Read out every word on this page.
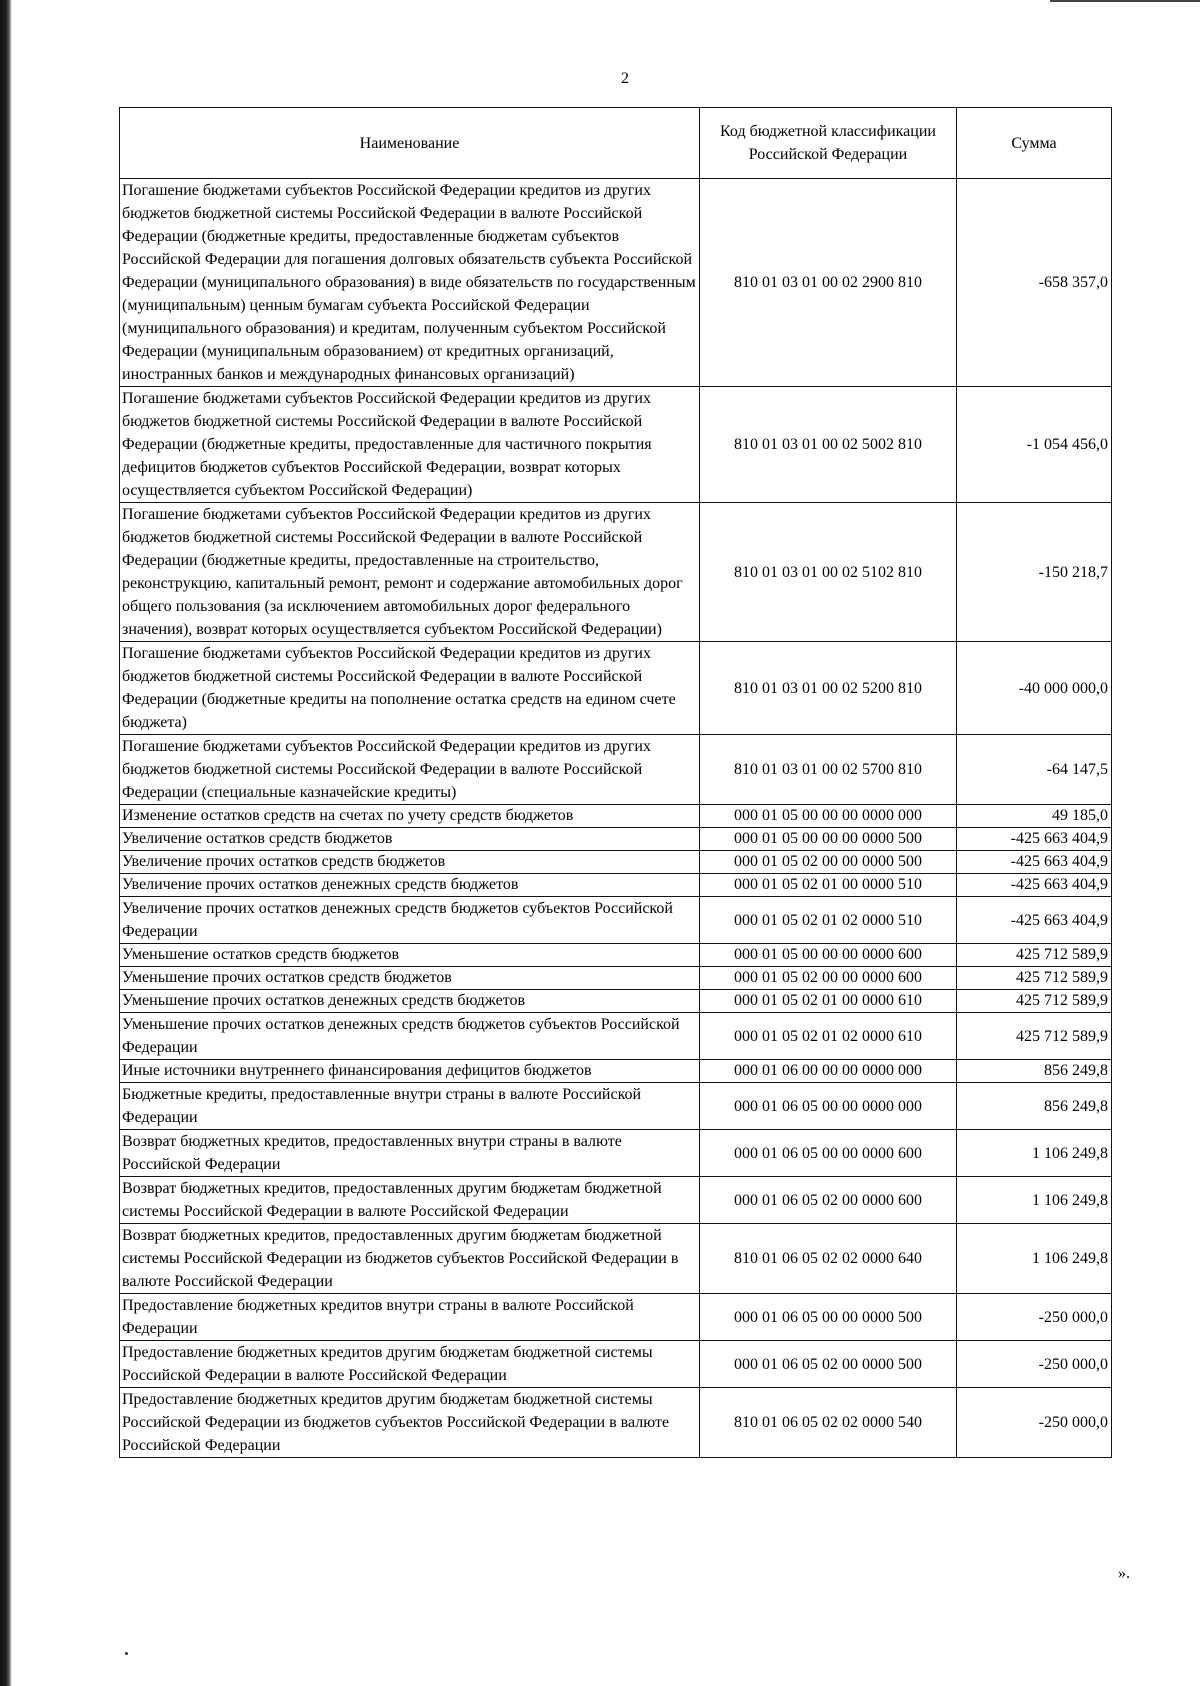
2
Наименование	Код бюджетной классификации Российской Федерации	Сумма
Погашение бюджетами субъектов Российской Федерации кредитов из других бюджетов бюджетной системы Российской Федерации в валюте Российской Федерации (бюджетные кредиты, предоставленные бюджетам субъектов Российской Федерации для погашения долговых обязательств субъекта Российской Федерации (муниципального образования) в виде обязательств по государственным (муниципальным) ценным бумагам субъекта Российской Федерации (муниципального образования) и кредитам, полученным субъектом Российской Федерации (муниципальным образованием) от кредитных организаций, иностранных банков и международных финансовых организаций)	810 01 03 01 00 02 2900 810	-658 357,0
Погашение бюджетами субъектов Российской Федерации кредитов из других бюджетов бюджетной системы Российской Федерации в валюте Российской Федерации (бюджетные кредиты, предоставленные для частичного покрытия дефицитов бюджетов субъектов Российской Федерации, возврат которых осуществляется субъектом Российской Федерации)	810 01 03 01 00 02 5002 810	-1 054 456,0
Погашение бюджетами субъектов Российской Федерации кредитов из других бюджетов бюджетной системы Российской Федерации в валюте Российской Федерации (бюджетные кредиты, предоставленные на строительство, реконструкцию, капитальный ремонт, ремонт и содержание автомобильных дорог общего пользования (за исключением автомобильных дорог федерального значения), возврат которых осуществляется субъектом Российской Федерации)	810 01 03 01 00 02 5102 810	-150 218,7
Погашение бюджетами субъектов Российской Федерации кредитов из других бюджетов бюджетной системы Российской Федерации в валюте Российской Федерации (бюджетные кредиты на пополнение остатка средств на едином счете бюджета)	810 01 03 01 00 02 5200 810	-40 000 000,0
Погашение бюджетами субъектов Российской Федерации кредитов из других бюджетов бюджетной системы Российской Федерации в валюте Российской Федерации (специальные казначейские кредиты)	810 01 03 01 00 02 5700 810	-64 147,5
Изменение остатков средств на счетах по учету средств бюджетов	000 01 05 00 00 00 0000 000	49 185,0
Увеличение остатков средств бюджетов	000 01 05 00 00 00 0000 500	-425 663 404,9
Увеличение прочих остатков средств бюджетов	000 01 05 02 00 00 0000 500	-425 663 404,9
Увеличение прочих остатков денежных средств бюджетов	000 01 05 02 01 00 0000 510	-425 663 404,9
Увеличение прочих остатков денежных средств бюджетов субъектов Российской Федерации	000 01 05 02 01 02 0000 510	-425 663 404,9
Уменьшение остатков средств бюджетов	000 01 05 00 00 00 0000 600	425 712 589,9
Уменьшение прочих остатков средств бюджетов	000 01 05 02 00 00 0000 600	425 712 589,9
Уменьшение прочих остатков денежных средств бюджетов	000 01 05 02 01 00 0000 610	425 712 589,9
Уменьшение прочих остатков денежных средств бюджетов субъектов Российской Федерации	000 01 05 02 01 02 0000 610	425 712 589,9
Иные источники внутреннего финансирования дефицитов бюджетов	000 01 06 00 00 00 0000 000	856 249,8
Бюджетные кредиты, предоставленные внутри страны в валюте Российской Федерации	000 01 06 05 00 00 0000 000	856 249,8
Возврат бюджетных кредитов, предоставленных внутри страны в валюте Российской Федерации	000 01 06 05 00 00 0000 600	1 106 249,8
Возврат бюджетных кредитов, предоставленных другим бюджетам бюджетной системы Российской Федерации в валюте Российской Федерации	000 01 06 05 02 00 0000 600	1 106 249,8
Возврат бюджетных кредитов, предоставленных другим бюджетам бюджетной системы Российской Федерации из бюджетов субъектов Российской Федерации в валюте Российской Федерации	810 01 06 05 02 02 0000 640	1 106 249,8
Предоставление бюджетных кредитов внутри страны в валюте Российской Федерации	000 01 06 05 00 00 0000 500	-250 000,0
Предоставление бюджетных кредитов другим бюджетам бюджетной системы Российской Федерации в валюте Российской Федерации	000 01 06 05 02 00 0000 500	-250 000,0
Предоставление бюджетных кредитов другим бюджетам бюджетной системы Российской Федерации из бюджетов субъектов Российской Федерации в валюте Российской Федерации	810 01 06 05 02 02 0000 540	-250 000,0
».
